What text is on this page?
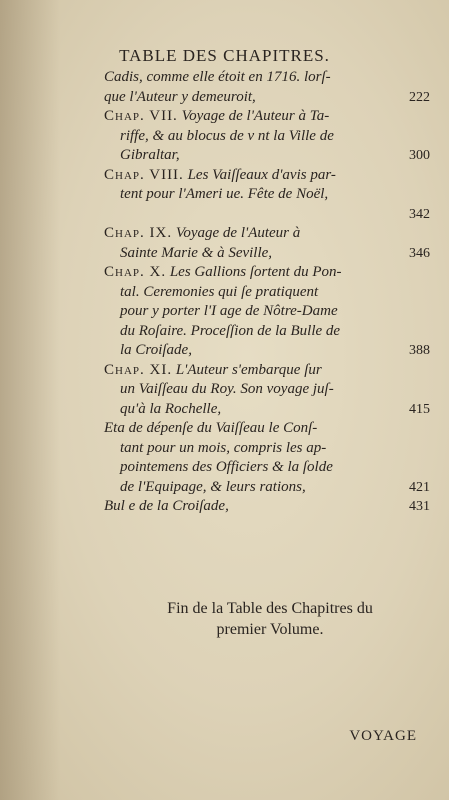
TABLE DES CHAPITRES.
Cadis, comme elle étoit en 1716. lorſ-
que l'Auteur y demeuroit,	222
Chap. VII. Voyage de l'Auteur à Ta-
riffe, & au blocus de v nt la Ville de
Gibraltar,	300
Chap. VIII. Les Vaiſſeaux d'avis par-
tent pour l'Ameri ue. Fête de Noël,
342
Chap. IX. Voyage de l'Auteur à
Sainte Marie & à Seville,	346
Chap. X. Les Gallions ſortent du Pon-
tal. Ceremonies qui ſe pratiquent
pour y porter l'I age de Nôtre-Dame
du Roſaire. Proceſſion de la Bulle de
la Croiſade,	388
Chap. XI. L'Auteur s'embarque ſur
un Vaiſſeau du Roy. Son voyage juſ-
qu'à la Rochelle,	415
Eta de dépenſe du Vaiſſeau le Conſ-
tant pour un mois, compris les ap-
pointemens des Officiers & la ſolde
de l'Equipage, & leurs rations,	421
Bul e de la Croiſade,	431
Fin de la Table des Chapitres du
premier Volume.
VOYAGE
